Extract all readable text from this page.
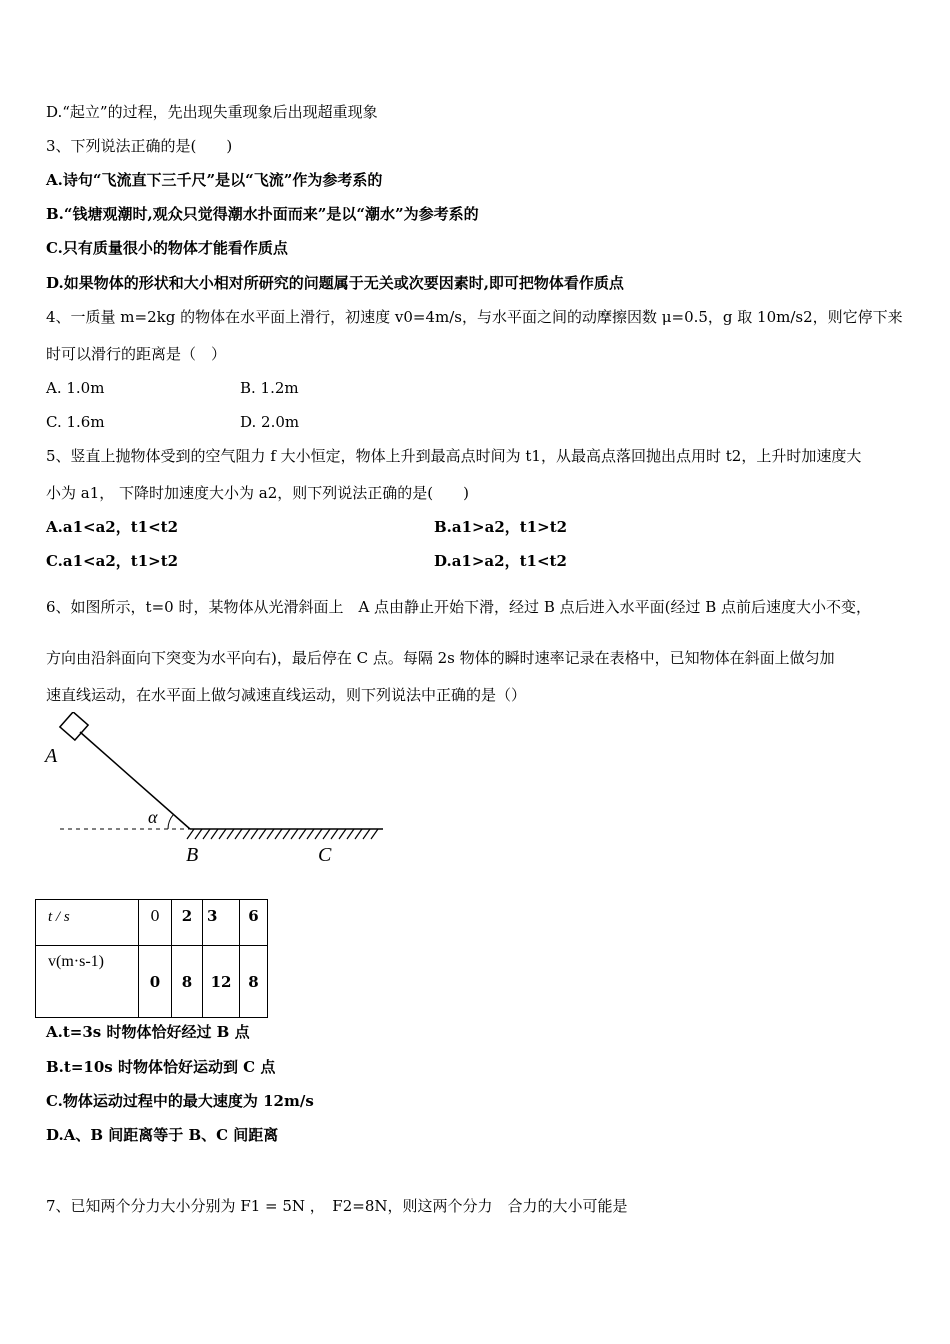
D.“起立”的过程，先出现失重现象后出现超重现象
3、下列说法正确的是(　　)
A.诗句“飞流直下三千尺”是以“飞流”作为参考系的
B.“钱塘观潮时,观众只觉得潮水扑面而来”是以“潮水”为参考系的
C.只有质量很小的物体才能看作质点
D.如果物体的形状和大小相对所研究的问题属于无关或次要因素时,即可把物体看作质点
4、一质量 m=2kg 的物体在水平面上滑行，初速度 v0=4m/s，与水平面之间的动摩擦因数 μ=0.5，g 取 10m/s2，则它停下来
时可以滑行的距离是（　）
A. 1.0m	B. 1.2m
C. 1.6m	D. 2.0m
5、竖直上抛物体受到的空气阻力 f 大小恒定，物体上升到最高点时间为 t1，从最高点落回抛出点用时 t2，上升时加速度大
小为 a1， 下降时加速度大小为 a2，则下列说法正确的是(　　)
A.a1<a2，t1<t2	B.a1>a2，t1>t2
C.a1<a2，t1>t2	D.a1>a2，t1<t2
6、如图所示，t=0 时，某物体从光滑斜面上　A 点由静止开始下滑，经过 B 点后进入水平面(经过 B 点前后速度大小不变，
方向由沿斜面向下突变为水平向右)，最后停在 C 点。每隔 2s 物体的瞬时速率记录在表格中，已知物体在斜面上做匀加
速直线运动，在水平面上做匀减速直线运动，则下列说法中正确的是（）
A
α
B	C
t / s	0	2	3	6
v(m·s-1)	0	8	12	8
A.t=3s 时物体恰好经过 B 点
B.t=10s 时物体恰好运动到 C 点
C.物体运动过程中的最大速度为 12m/s
D.A、B 间距离等于 B、C 间距离
7、已知两个分力大小分别为 F1 = 5N ，　F2=8N，则这两个分力　合力的大小可能是
